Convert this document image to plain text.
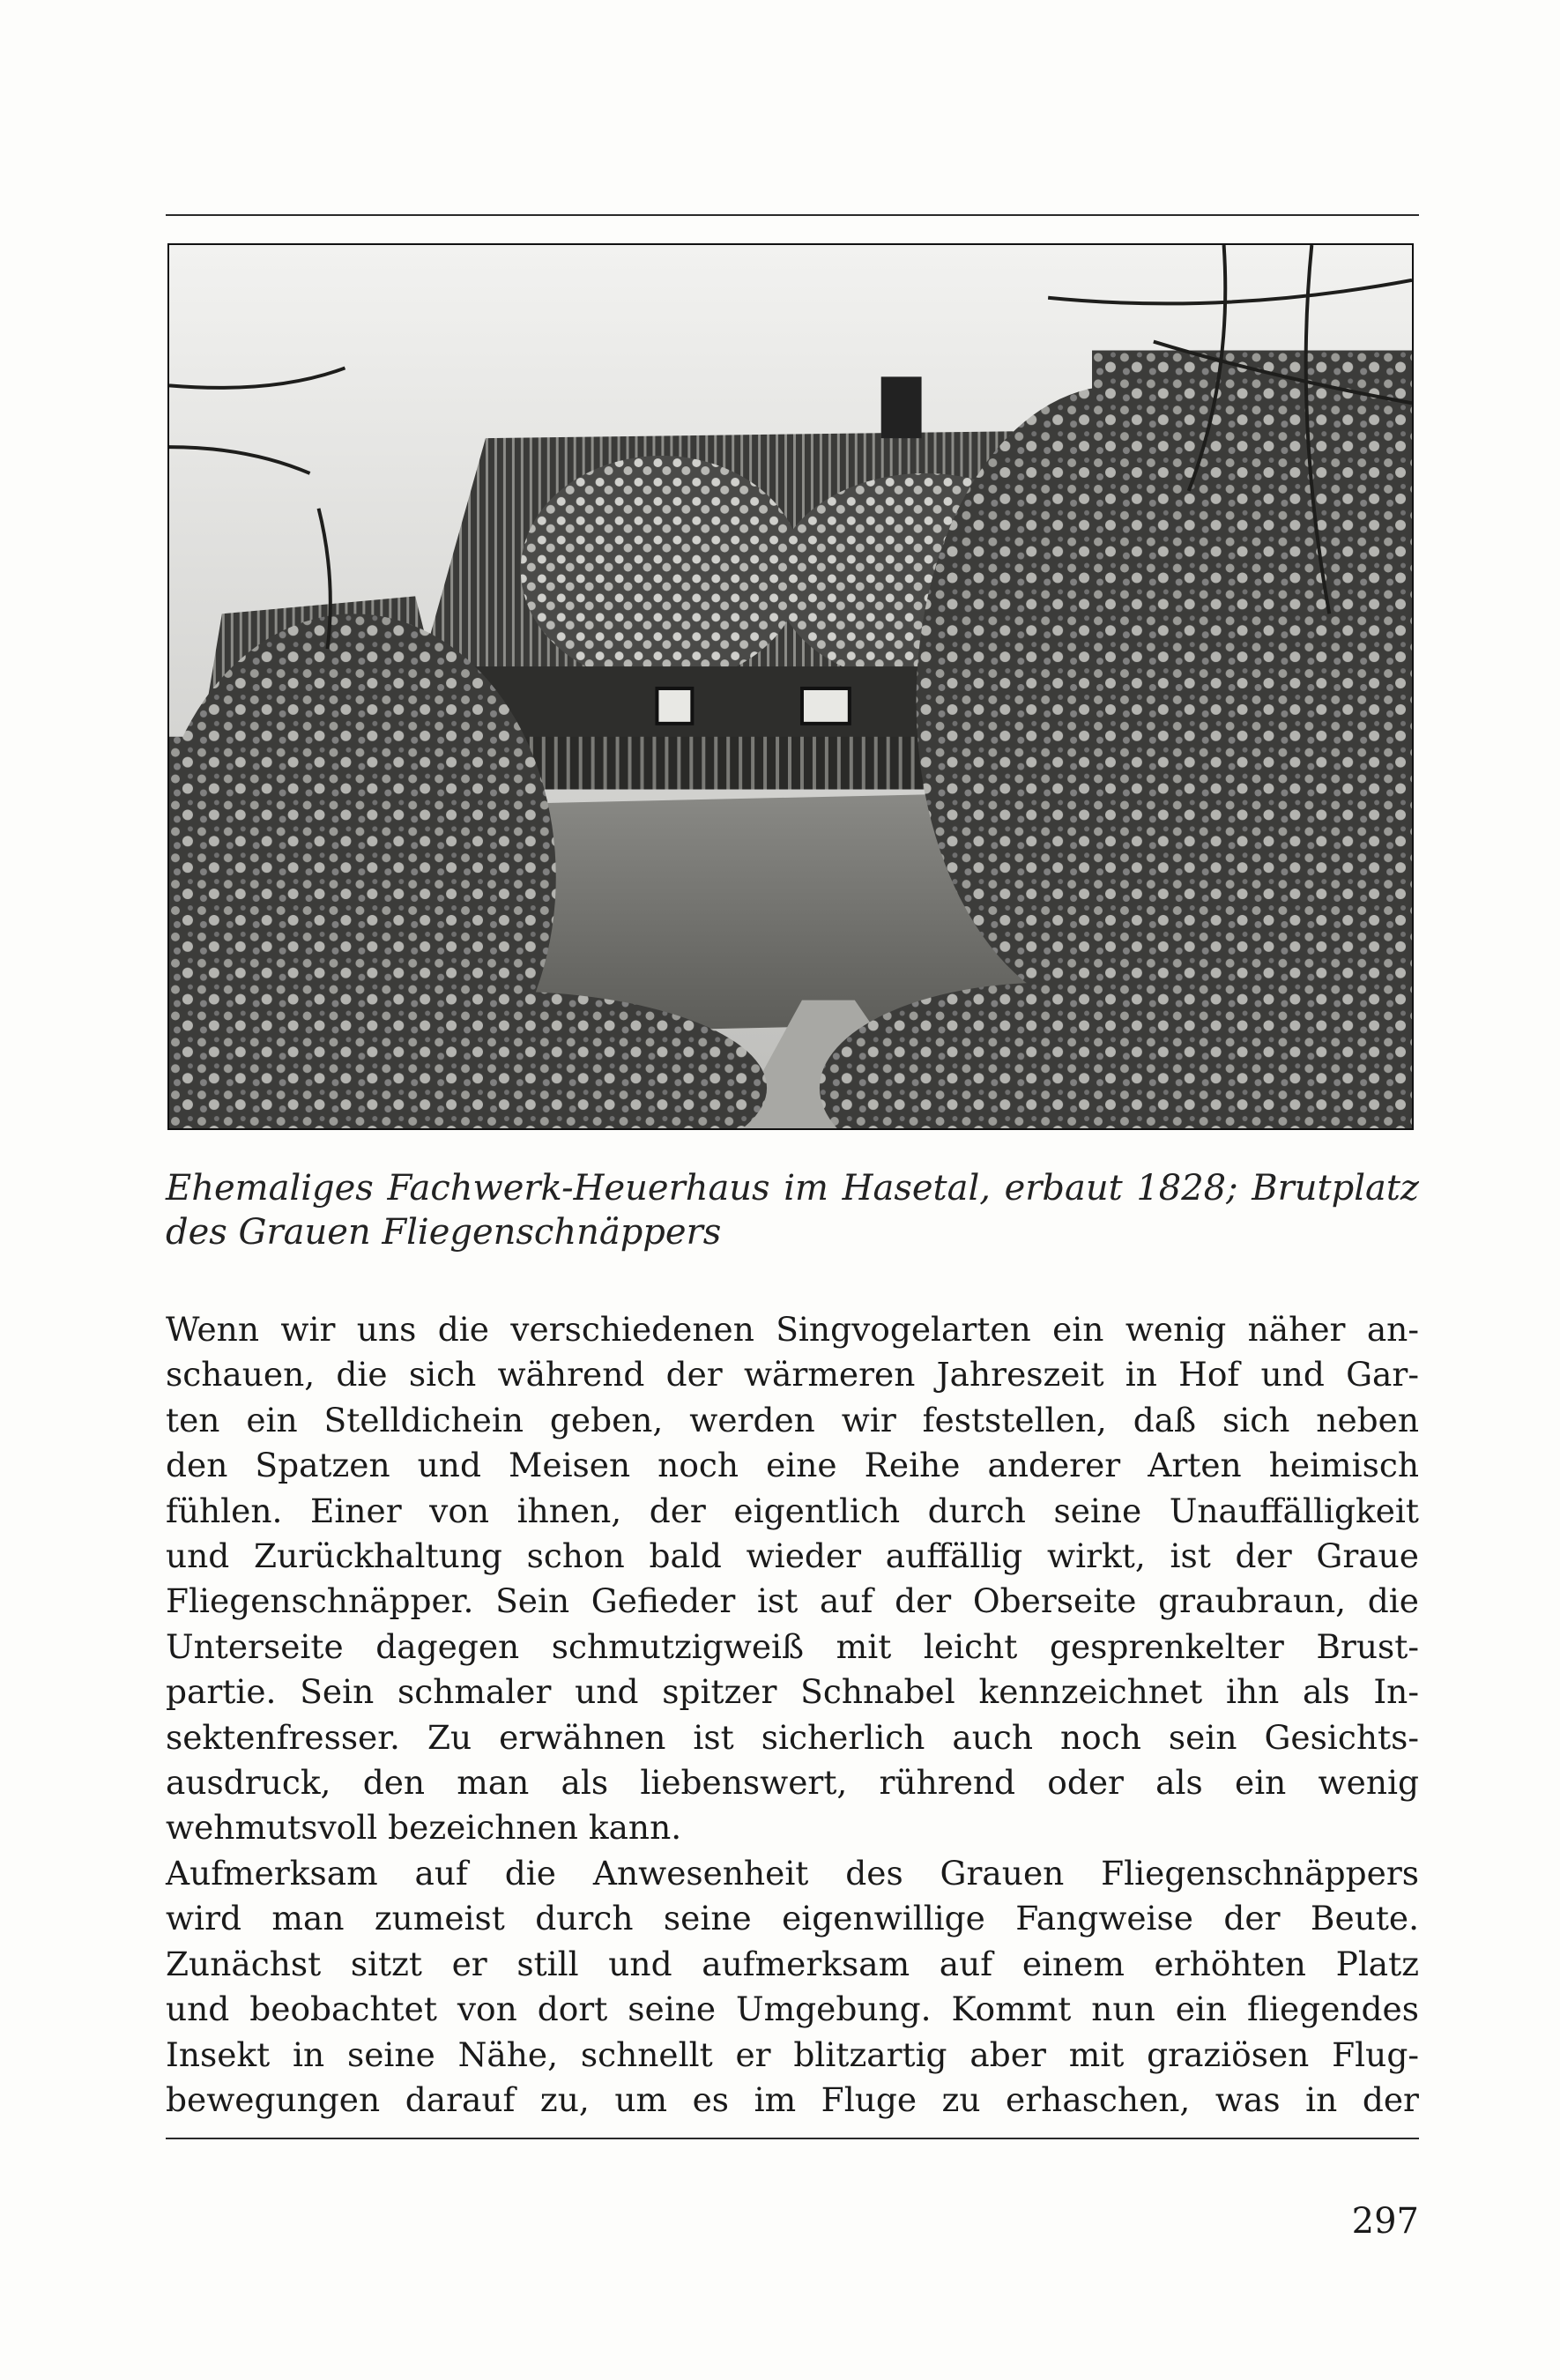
Ehemaliges Fachwerk-Heuerhaus im Hasetal, erbaut 1828; Brutplatz
des Grauen Fliegenschnäppers
Wenn wir uns die verschiedenen Singvogelarten ein wenig näher an-
schauen, die sich während der wärmeren Jahreszeit in Hof und Gar-
ten ein Stelldichein geben, werden wir feststellen, daß sich neben
den Spatzen und Meisen noch eine Reihe anderer Arten heimisch
fühlen. Einer von ihnen, der eigentlich durch seine Unauffälligkeit
und Zurückhaltung schon bald wieder auffällig wirkt, ist der Graue
Fliegenschnäpper. Sein Gefieder ist auf der Oberseite graubraun, die
Unterseite dagegen schmutzigweiß mit leicht gesprenkelter Brust-
partie. Sein schmaler und spitzer Schnabel kennzeichnet ihn als In-
sektenfresser. Zu erwähnen ist sicherlich auch noch sein Gesichts-
ausdruck, den man als liebenswert, rührend oder als ein wenig
wehmutsvoll bezeichnen kann.
Aufmerksam auf die Anwesenheit des Grauen Fliegenschnäppers
wird man zumeist durch seine eigenwillige Fangweise der Beute.
Zunächst sitzt er still und aufmerksam auf einem erhöhten Platz
und beobachtet von dort seine Umgebung. Kommt nun ein fliegendes
Insekt in seine Nähe, schnellt er blitzartig aber mit graziösen Flug-
bewegungen darauf zu, um es im Fluge zu erhaschen, was in der
297
